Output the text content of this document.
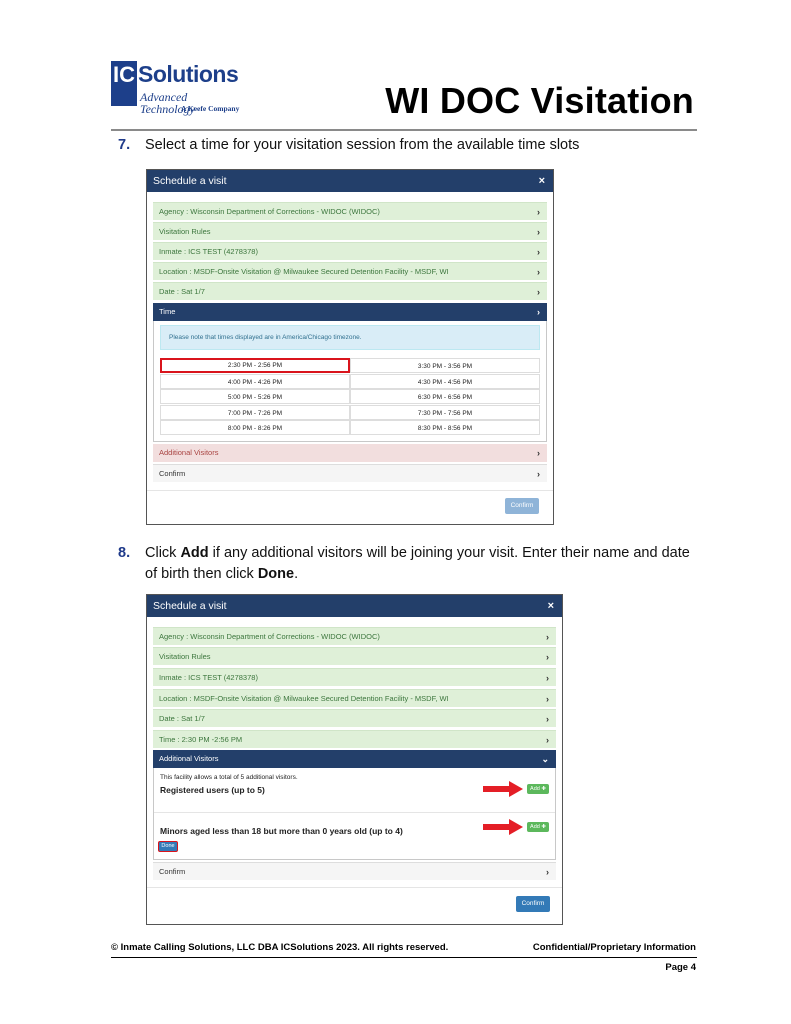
IC Solutions
Advanced Technology
A Keefe Company	WI DOC Visitation
7. Select a time for your visitation session from the available time slots
Schedule a visit	×
Agency : Wisconsin Department of Corrections - WIDOC (WIDOC)	›
Visitation Rules	›
Inmate : ICS TEST (4278378)	›
Location : MSDF-Onsite Visitation @ Milwaukee Secured Detention Facility - MSDF, WI	›
Date : Sat 1/7	›
Time	›
Please note that times displayed are in America/Chicago timezone.
2:30 PM - 2:56 PM	3:30 PM - 3:56 PM
4:00 PM - 4:26 PM	4:30 PM - 4:56 PM
5:00 PM - 5:26 PM	6:30 PM - 6:56 PM
7:00 PM - 7:26 PM	7:30 PM - 7:56 PM
8:00 PM - 8:26 PM	8:30 PM - 8:56 PM
Additional Visitors	›
Confirm	›
Confirm
8. Click Add if any additional visitors will be joining your visit. Enter their name and date
of birth then click Done.
Schedule a visit	×
Agency : Wisconsin Department of Corrections - WIDOC (WIDOC)	›
Visitation Rules	›
Inmate : ICS TEST (4278378)	›
Location : MSDF-Onsite Visitation @ Milwaukee Secured Detention Facility - MSDF, WI	›
Date : Sat 1/7	›
Time : 2:30 PM -2:56 PM	›
Additional Visitors	⌄
This facility allows a total of 5 additional visitors.
Registered users (up to 5)	Add ✚
Minors aged less than 18 but more than 0 years old (up to 4)	Add ✚
Done
Confirm	›
Confirm
© Inmate Calling Solutions, LLC DBA ICSolutions 2023. All rights reserved.	Confidential/Proprietary Information
Page 4
